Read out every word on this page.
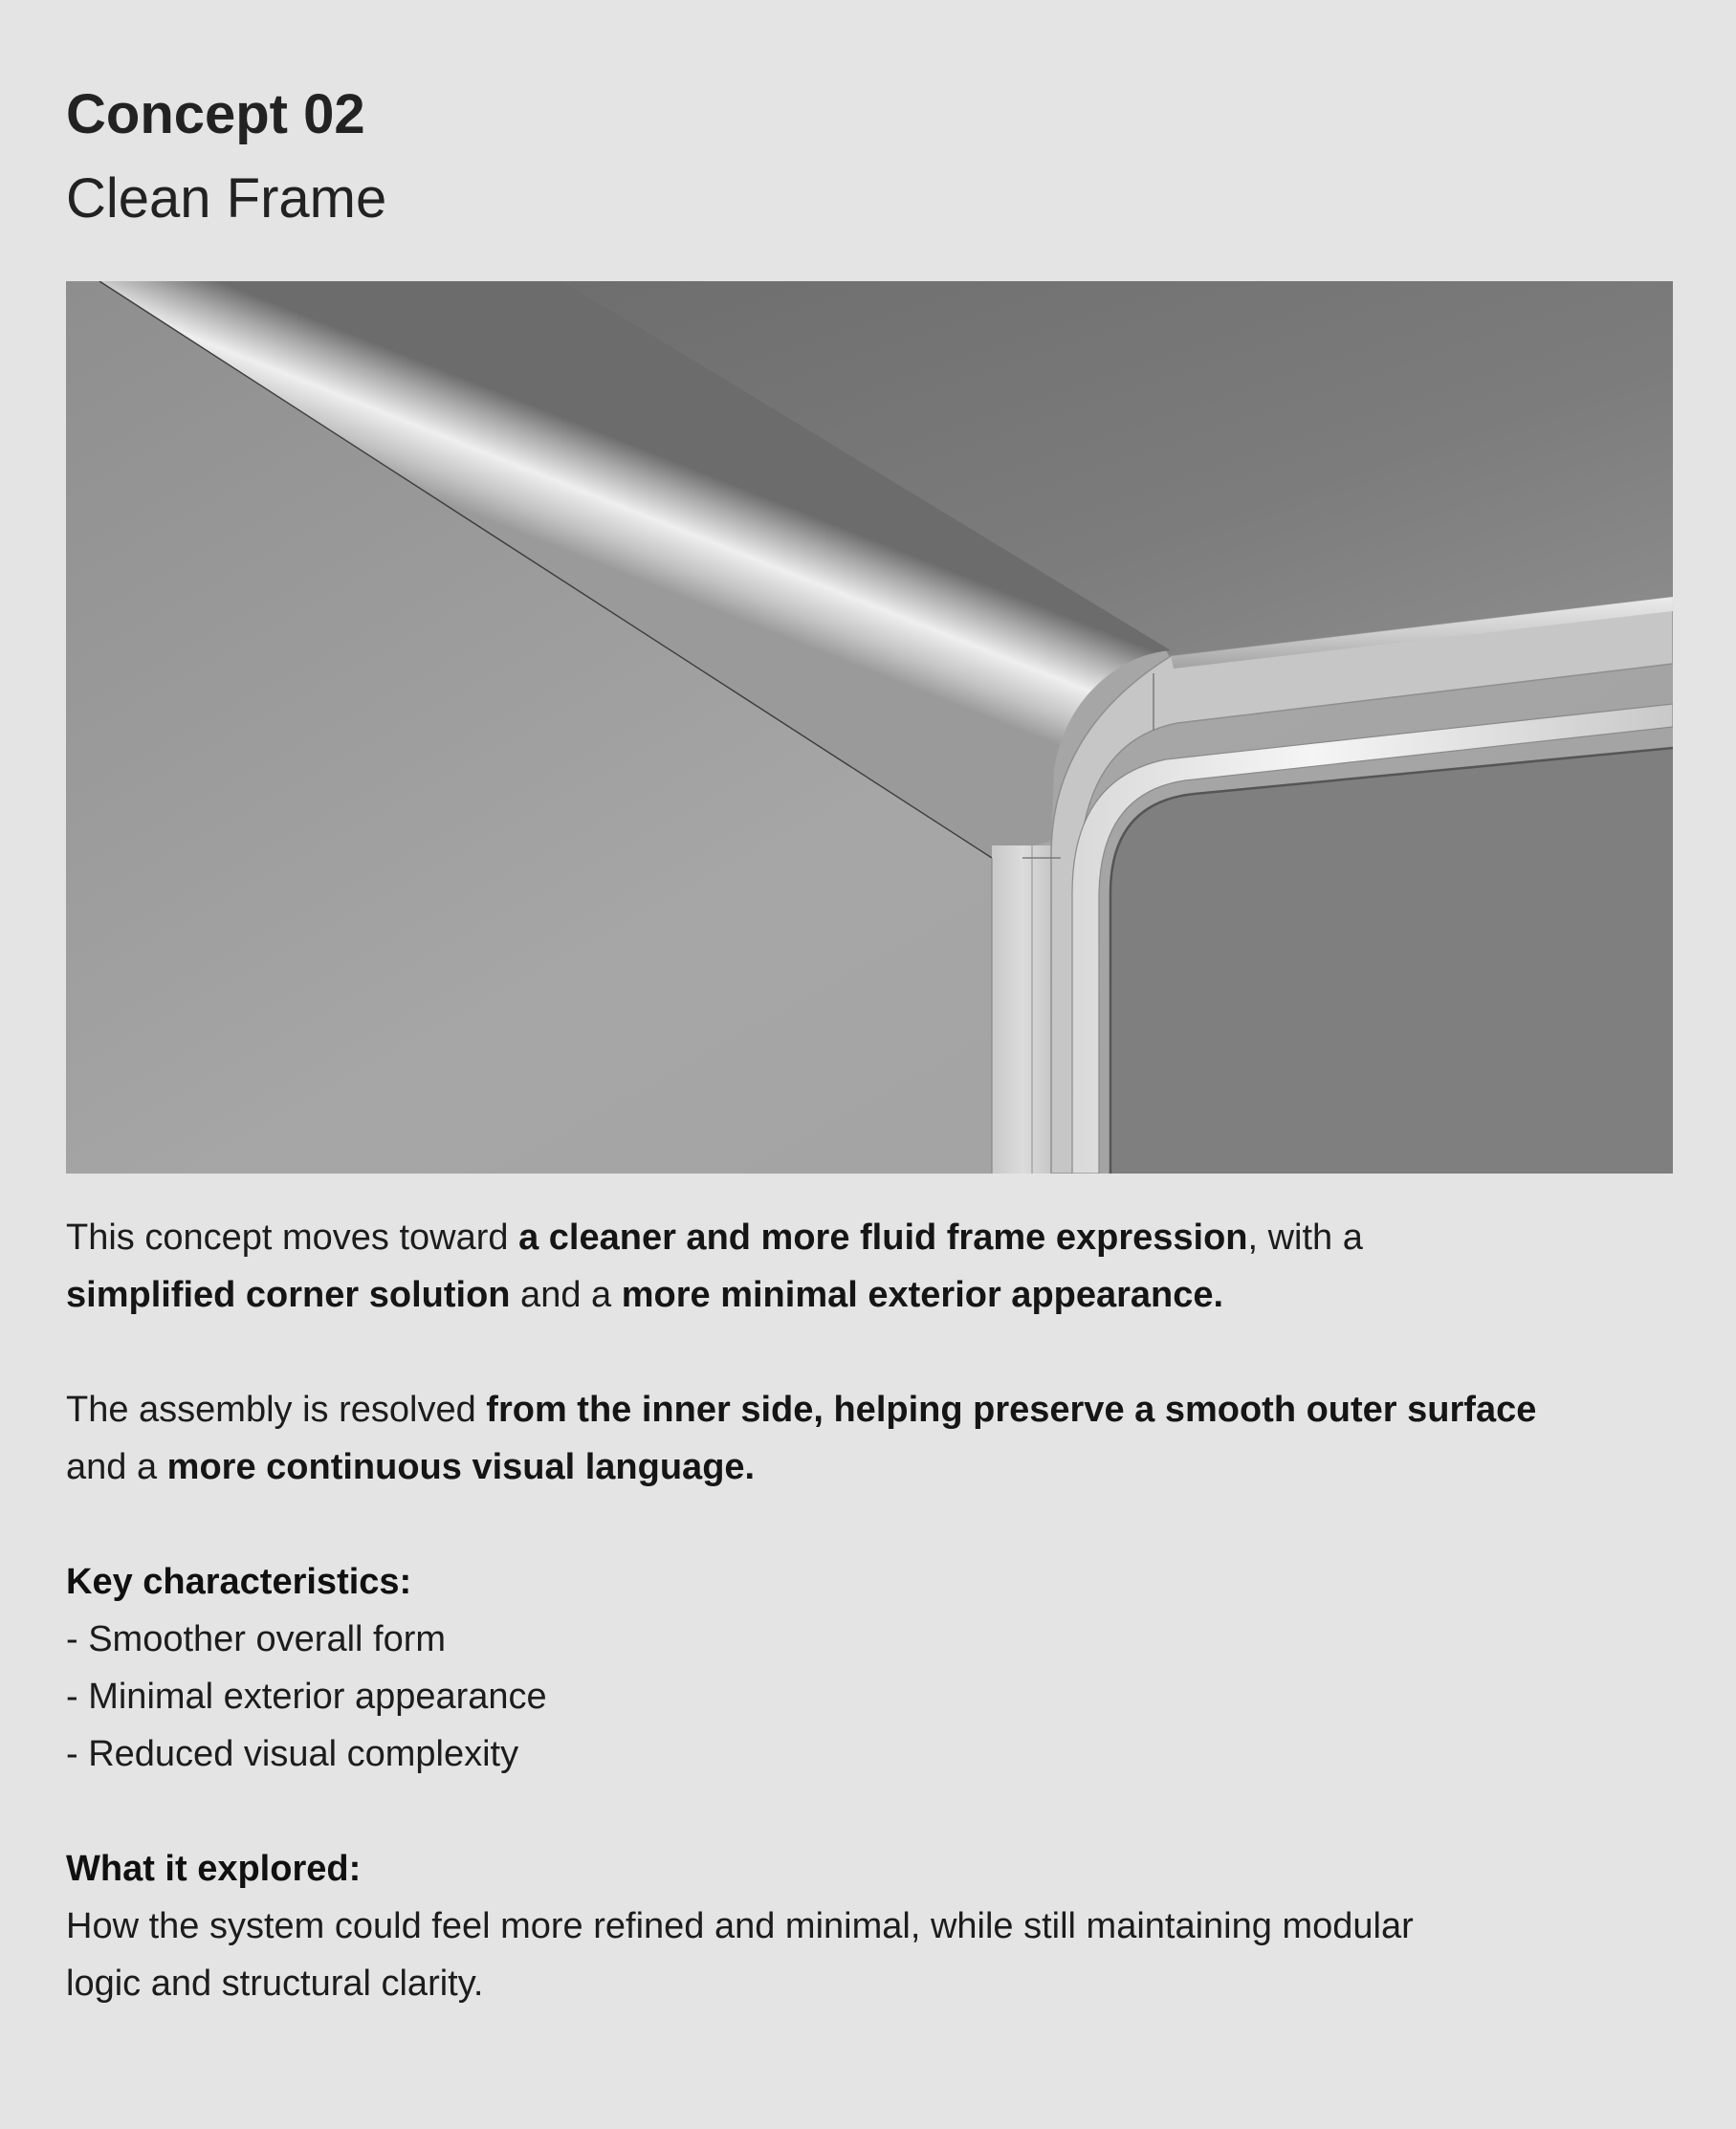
Concept 02
Clean Frame

This concept moves toward a cleaner and more fluid frame expression, with a

simplified corner solution and a more minimal exterior appearance.

The assembly is resolved from the inner side, helping preserve a smooth outer surface

and a more continuous visual language.

Key characteristics:

- Smoother overall form

- Minimal exterior appearance

- Reduced visual complexity

What it explored:

How the system could feel more refined and minimal, while still maintaining modular

logic and structural clarity.
